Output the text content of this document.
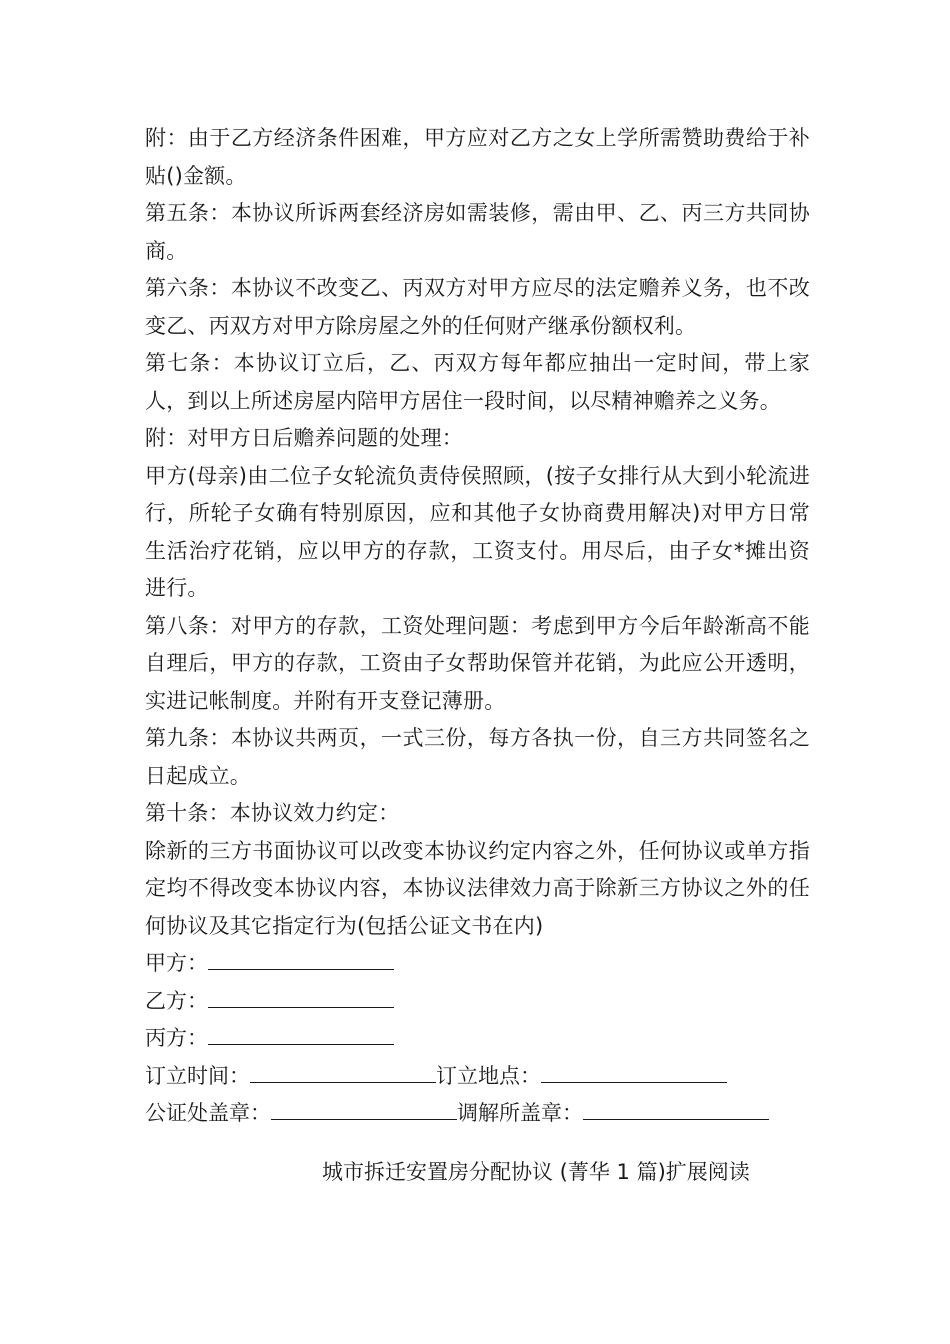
附：由于乙方经济条件困难，甲方应对乙方之女上学所需赞助费给于补贴()金额。

第五条：本协议所诉两套经济房如需装修，需由甲、乙、丙三方共同协商。

第六条：本协议不改变乙、丙双方对甲方应尽的法定赡养义务，也不改变乙、丙双方对甲方除房屋之外的任何财产继承份额权利。

第七条：本协议订立后，乙、丙双方每年都应抽出一定时间，带上家人，到以上所述房屋内陪甲方居住一段时间，以尽精神赡养之义务。

附：对甲方日后赡养问题的处理：

甲方(母亲)由二位子女轮流负责侍侯照顾，(按子女排行从大到小轮流进行，所轮子女确有特别原因，应和其他子女协商费用解决)对甲方日常生活治疗花销，应以甲方的存款，工资支付。用尽后，由子女*摊出资进行。

第八条：对甲方的存款，工资处理问题：考虑到甲方今后年龄渐高不能自理后，甲方的存款，工资由子女帮助保管并花销，为此应公开透明，实进记帐制度。并附有开支登记薄册。

第九条：本协议共两页，一式三份，每方各执一份，自三方共同签名之日起成立。

第十条：本协议效力约定：

除新的三方书面协议可以改变本协议约定内容之外，任何协议或单方指定均不得改变本协议内容，本协议法律效力高于除新三方协议之外的任何协议及其它指定行为(包括公证文书在内)

甲方：

乙方：

丙方：

订立时间：	订立地点：

公证处盖章：	调解所盖章：

城市拆迁安置房分配协议 (菁华 1 篇)扩展阅读
